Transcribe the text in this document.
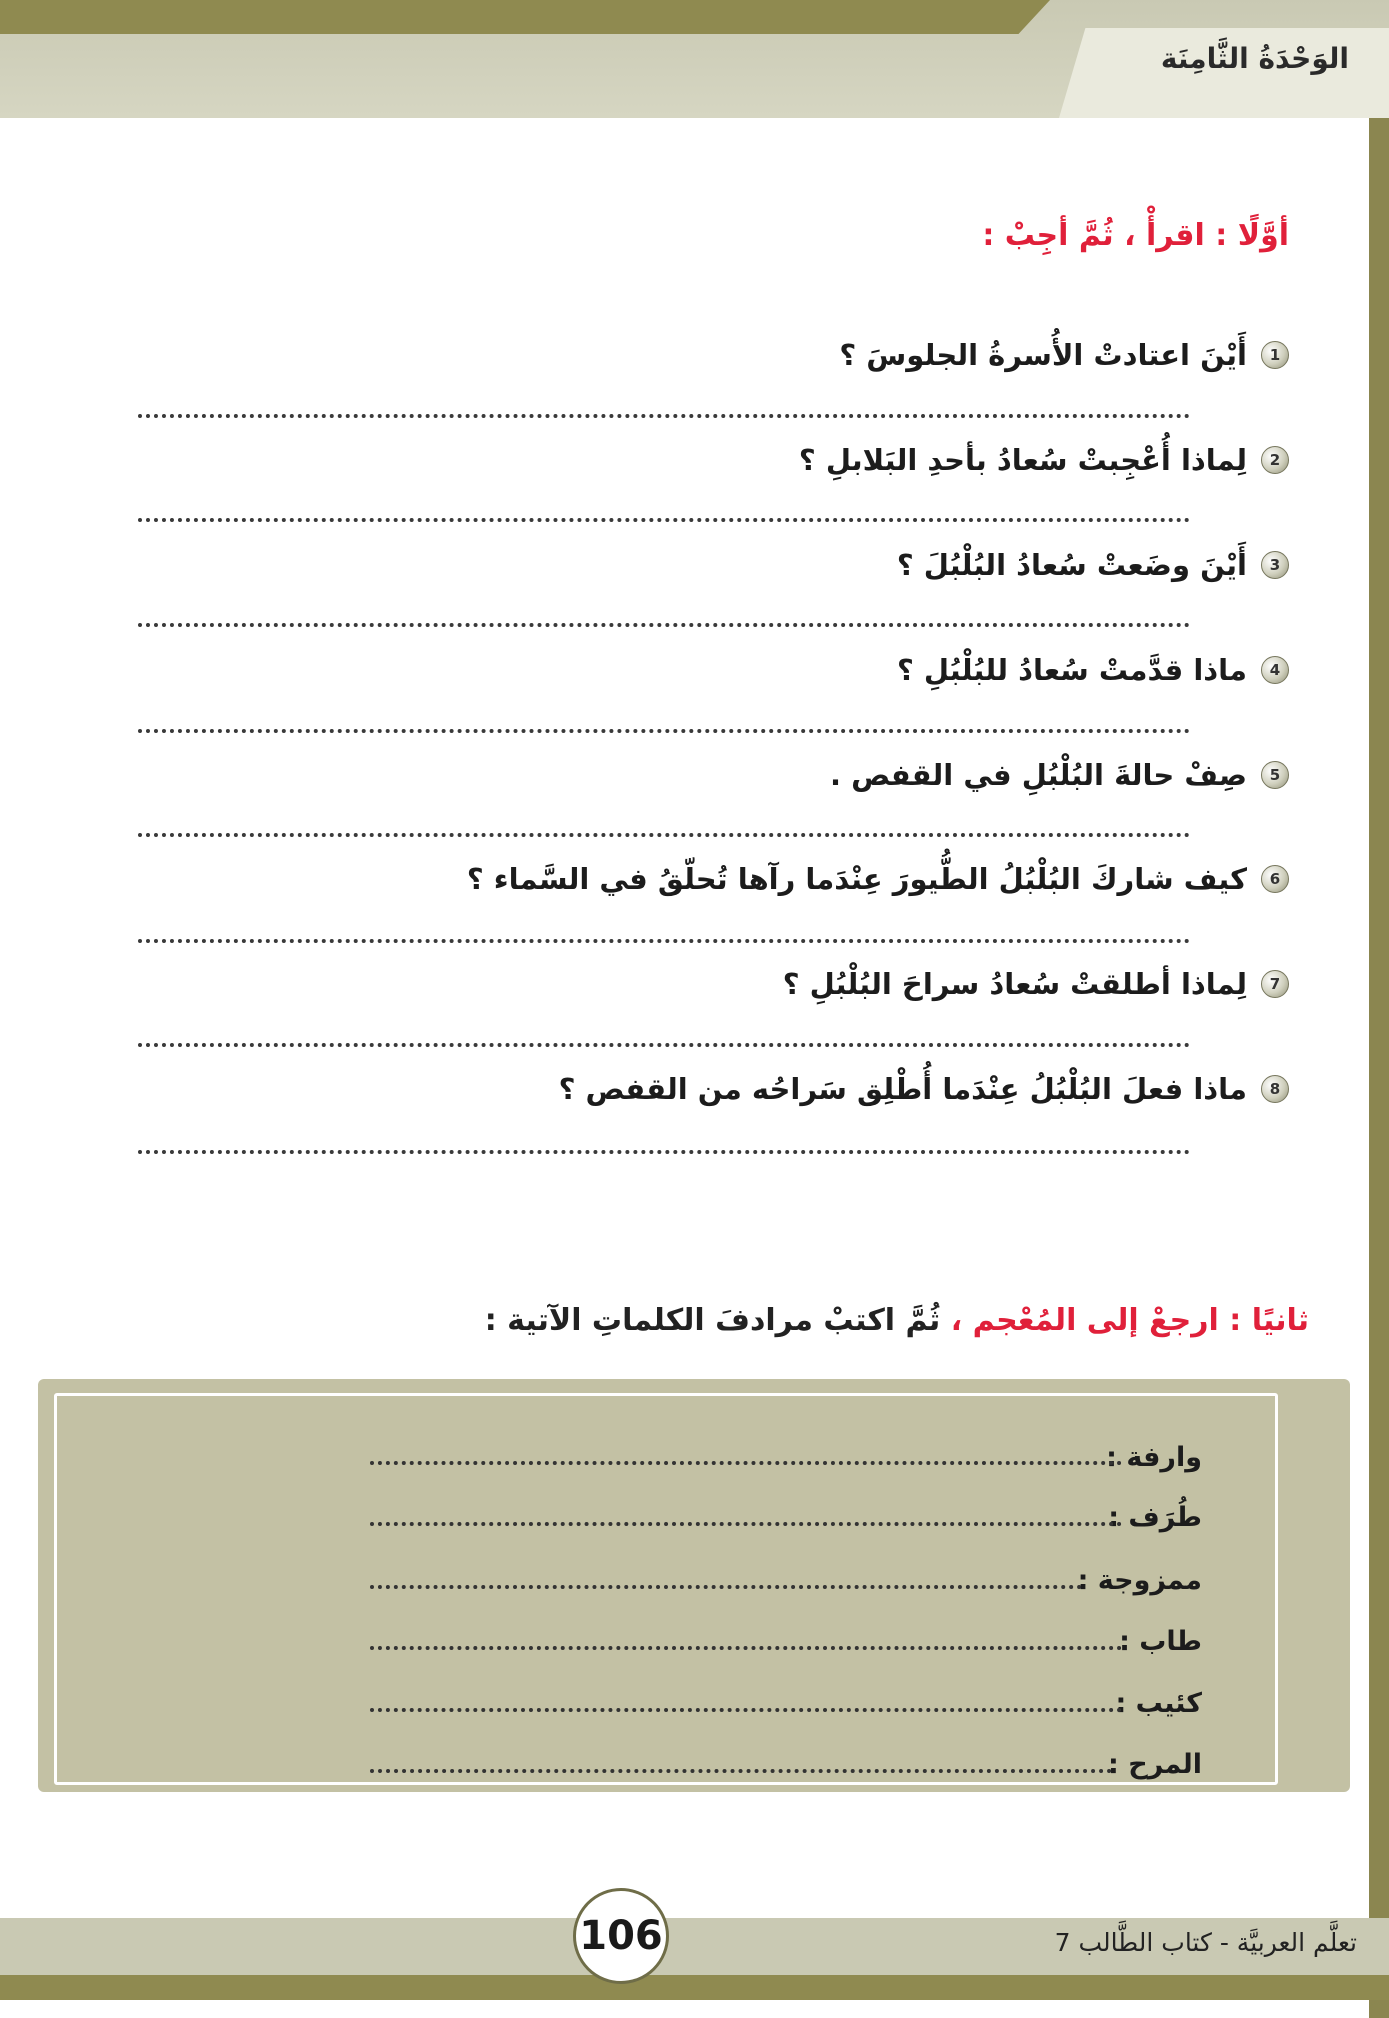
الوَحْدَةُ الثَّامِنَة
أوَّلًا : اقرأْ ، ثُمَّ أجِبْ :
1
أَيْنَ اعتادتْ الأُسرةُ الجلوسَ ؟
2
لِماذا أُعْجِبتْ سُعادُ بأحدِ البَلابلِ ؟
3
أَيْنَ وضَعتْ سُعادُ البُلْبُلَ ؟
4
ماذا قدَّمتْ سُعادُ للبُلْبُلِ ؟
5
صِفْ حالةَ البُلْبُلِ في القفص .
6
كيف شاركَ البُلْبُلُ الطُّيورَ عِنْدَما رآها تُحلّقُ في السَّماء ؟
7
لِماذا أطلقتْ سُعادُ سراحَ البُلْبُلِ ؟
8
ماذا فعلَ البُلْبُلُ عِنْدَما أُطْلِق سَراحُه من القفص ؟
ثانيًا : ارجعْ إلى المُعْجم ، ثُمَّ اكتبْ مرادفَ الكلماتِ الآتية :
وارفة :
طُرَف :
ممزوجة :
طاب :
كئيب :
المرح :
106	تعلَّم العربيَّة - كتاب الطَّالب 7
